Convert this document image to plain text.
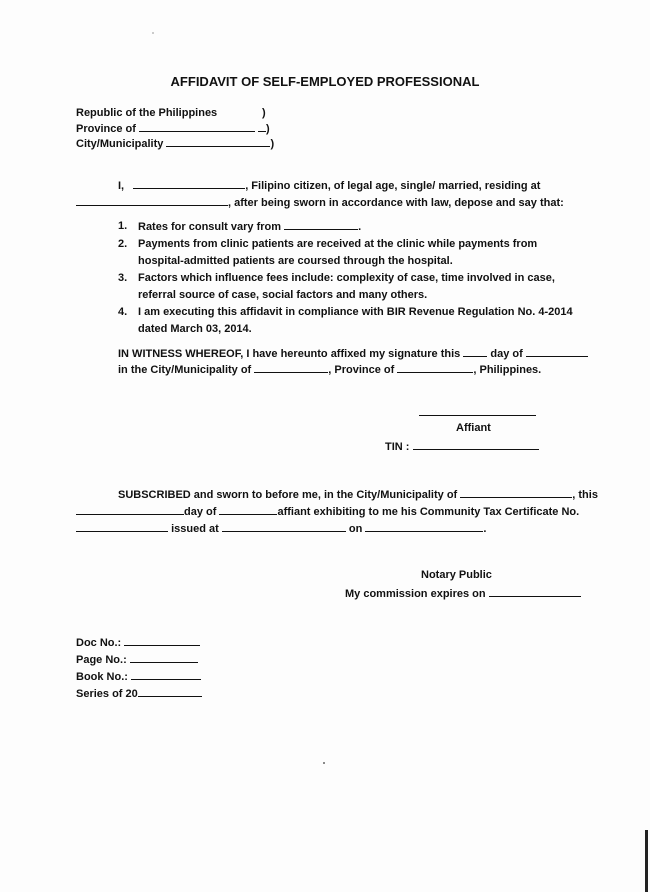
AFFIDAVIT OF SELF-EMPLOYED PROFESSIONAL
Republic of the Philippines	)
Province of	)
City/Municipality	)
I,	, Filipino citizen, of legal age, single/ married, residing at
, after being sworn in accordance with law, depose and say that:
1. Rates for consult vary from	.
2. Payments from clinic patients are received at the clinic while payments from hospital-admitted patients are coursed through the hospital.
3. Factors which influence fees include: complexity of case, time involved in case, referral source of case, social factors and many others.
4. I am executing this affidavit in compliance with BIR Revenue Regulation No. 4-2014 dated March 03, 2014.
IN WITNESS WHEREOF, I have hereunto affixed my signature this	day of
in the City/Municipality of	, Province of	, Philippines.
Affiant
TIN :
SUBSCRIBED and sworn to before me, in the City/Municipality of	, this
day of	affiant exhibiting to me his Community Tax Certificate No.
issued at	on	.
Notary Public
My commission expires on
Doc No.:
Page No.:
Book No.:
Series of 20
